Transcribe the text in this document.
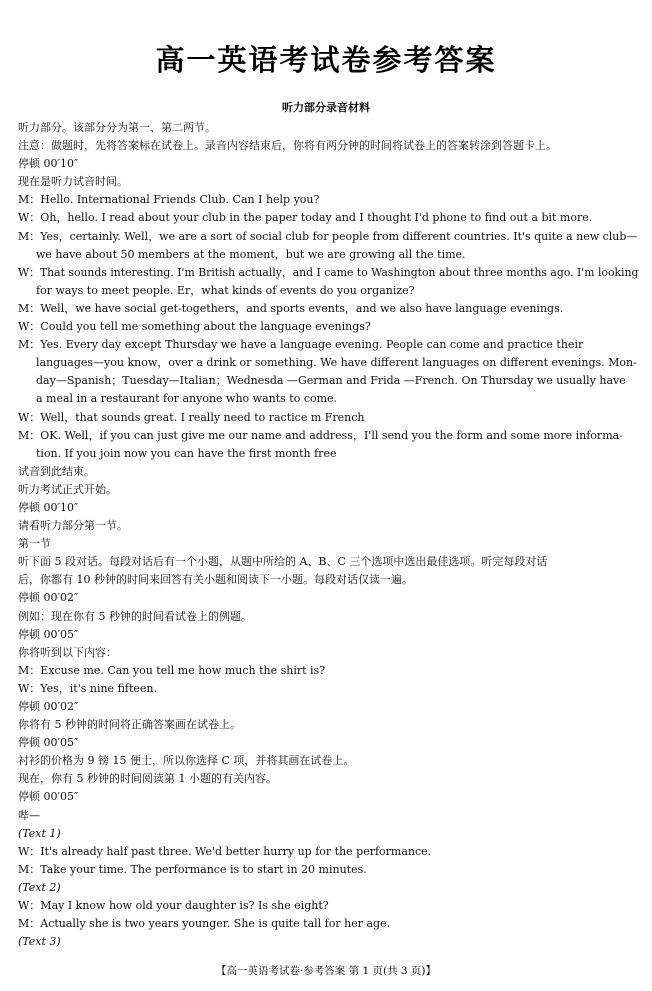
高一英语考试卷参考答案
听力部分录音材料
听力部分。该部分分为第一、第二两节。
注意：做题时，先将答案标在试卷上。录音内容结束后，你将有两分钟的时间将试卷上的答案转涂到答题卡上。
停顿 00′10″
现在是听力试音时间。
M：Hello. International Friends Club. Can I help you?
W：Oh，hello. I read about your club in the paper today and I thought I'd phone to find out a bit more.
M：Yes，certainly. Well，we are a sort of social club for people from different countries. It's quite a new club—
we have about 50 members at the moment，but we are growing all the time.
W：That sounds interesting. I'm British actually，and I came to Washington about three months ago. I'm looking
for ways to meet people. Er，what kinds of events do you organize?
M：Well，we have social get-togethers，and sports events，and we also have language evenings.
W：Could you tell me something about the language evenings?
M：Yes. Every day except Thursday we have a language evening. People can come and practice their
languages—you know，over a drink or something. We have different languages on different evenings. Mon-
day—Spanish；Tuesday—Italian；Wednesda —German and Frida —French. On Thursday we usually have
a meal in a restaurant for anyone who wants to come.
W：Well，that sounds great. I really need to ractice m French
M：OK. Well，if you can just give me our name and address，I'll send you the form and some more informa-
tion. If you join now you can have the first month free
试音到此结束。
听力考试正式开始。
停顿 00′10″
请看听力部分第一节。
第一节
听下面 5 段对话。每段对话后有一个小题，从题中所给的 A、B、C 三个选项中选出最佳选项。听完每段对话
后，你都有 10 秒钟的时间来回答有关小题和阅读下一小题。每段对话仅读一遍。
停顿 00′02″
例如：现在你有 5 秒钟的时间看试卷上的例题。
停顿 00′05″
你将听到以下内容：
M：Excuse me. Can you tell me how much the shirt is?
W：Yes，it's nine fifteen.
停顿 00′02″
你将有 5 秒钟的时间将正确答案画在试卷上。
停顿 00′05″
衬衫的价格为 9 镑 15 便士，所以你选择 C 项，并将其画在试卷上。
现在，你有 5 秒钟的时间阅读第 1 小题的有关内容。
停顿 00′05″
哔—
(Text 1)
W：It's already half past three. We'd better hurry up for the performance.
M：Take your time. The performance is to start in 20 minutes.
(Text 2)
W：May I know how old your daughter is? Is she eight?
M：Actually she is two years younger. She is quite tall for her age.
(Text 3)
【高一英语考试卷·参考答案 第 1 页(共 3 页)】
